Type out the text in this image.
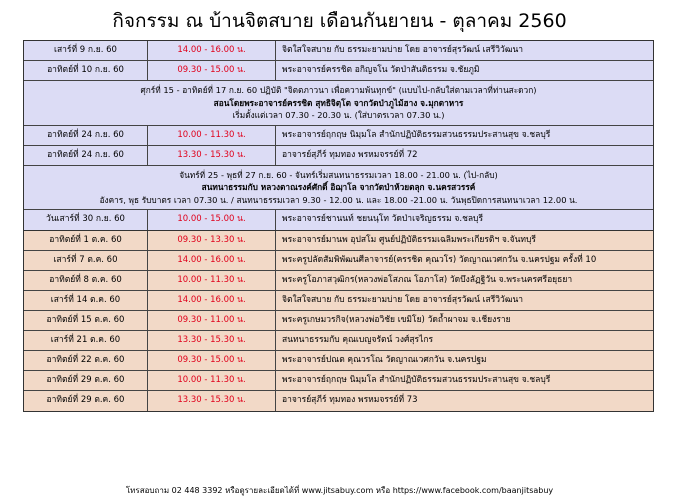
กิจกรรม ณ บ้านจิตสบาย เดือนกันยายน - ตุลาคม 2560
เสาร์ที่ 9 ก.ย. 60	14.00 - 16.00 น.	จิตใสใจสบาย กับ ธรรมะยามบ่าย โดย อาจารย์สุรวัฒน์ เสรีวิวัฒนา
อาทิตย์ที่ 10 ก.ย. 60	09.30 - 15.00 น.	พระอาจารย์ครรชิต อกิญจโน วัดป่าสันติธรรม จ.ชัยภูมิ
ศุกร์ที่ 15 - อาทิตย์ที่ 17 ก.ย. 60 ปฏิบัติ "จิตตภาวนา เพื่อความพ้นทุกข์" (แบบไป-กลับใส่ตามเวลาที่ท่านสะดวก)
สอนโดยพระอาจารย์ครรชิต สุทธิจิตฺโต จากวัดป่าภูไม้ฮาง จ.มุกดาหาร
เริ่มตั้งแต่เวลา 07.30 - 20.30 น. (ใส่บาตรเวลา 07.30 น.)
อาทิตย์ที่ 24 ก.ย. 60	10.00 - 11.30 น.	พระอาจารย์ฤกฤษ นิมฺมโล สำนักปฏิบัติธรรมสวนธรรมประสานสุข จ.ชลบุรี
อาทิตย์ที่ 24 ก.ย. 60	13.30 - 15.30 น.	อาจารย์สุภีร์ ทุมทอง พรหมจรรย์ที่ 72
จันทร์ที่ 25 - พุธที่ 27 ก.ย. 60 - จันทร์เริ่มสนทนาธรรมเวลา 18.00 - 21.00 น. (ไป-กลับ)
สนทนาธรรมกับ หลวงตาณรงค์ศักดิ์ อิฌฺาโล จากวัดป่าห้วยตลุก จ.นครสวรรค์
อังคาร, พุธ รับบาตร เวลา 07.30 น. / สนทนาธรรมเวลา 9.30 - 12.00 น. และ 18.00 -21.00 น. วันพุธปิดการสนทนาเวลา 12.00 น.
วันเสาร์ที่ 30 ก.ย. 60	10.00 - 15.00 น.	พระอาจารย์ชานนท์ ชยนนฺโท วัดป่าเจริญธรรม จ.ชลบุรี
อาทิตย์ที่ 1 ต.ค. 60	09.30 - 13.30 น.	พระอาจารย์มานพ อุปสโม ศูนย์ปฏิบัติธรรมเฉลิมพระเกียรติฯ จ.จันทบุรี
เสาร์ที่ 7 ต.ค. 60	14.00 - 16.00 น.	พระครูปลัดสัมพิพัฒนศีลาจารย์(ครรชิต คุณวโร) วัดญาณเวศกวัน จ.นครปฐม ครั้งที่ 10
อาทิตย์ที่ 8 ต.ค. 60	10.00 - 11.30 น.	พระครูโอภาสวุฒิกร(หลวงพ่อโสภณ โอภาโส) วัดบึงลัฏฐิวัน จ.พระนครศรีอยุธยา
เสาร์ที่ 14 ต.ค. 60	14.00 - 16.00 น.	จิตใสใจสบาย กับ ธรรมะยามบ่าย โดย อาจารย์สุรวัฒน์ เสรีวิวัฒนา
อาทิตย์ที่ 15 ต.ค. 60	09.30 - 11.00 น.	พระครูเกษมวรกิจ(หลวงพ่อวิชัย เขมิโย) วัดถ้ำผาจม จ.เชียงราย
เสาร์ที่ 21 ต.ค. 60	13.30 - 15.30 น.	สนทนาธรรมกับ คุณเบญจรัตน์ วงศ์สุรไกร
อาทิตย์ที่ 22 ต.ค. 60	09.30 - 15.00 น.	พระอาจารย์ปณต คุณวรโณ วัดญาณเวศกวัน จ.นครปฐม
อาทิตย์ที่ 29 ต.ค. 60	10.00 - 11.30 น.	พระอาจารย์ฤกฤษ นิมฺมโล สำนักปฏิบัติธรรมสวนธรรมประสานสุข จ.ชลบุรี
อาทิตย์ที่ 29 ต.ค. 60	13.30 - 15.30 น.	อาจารย์สุภีร์ ทุมทอง พรหมจรรย์ที่ 73
โทรสอบถาม 02 448 3392 หรือดูรายละเอียดได้ที่ www.jitsabuy.com หรือ https://www.facebook.com/baanjitsabuy
